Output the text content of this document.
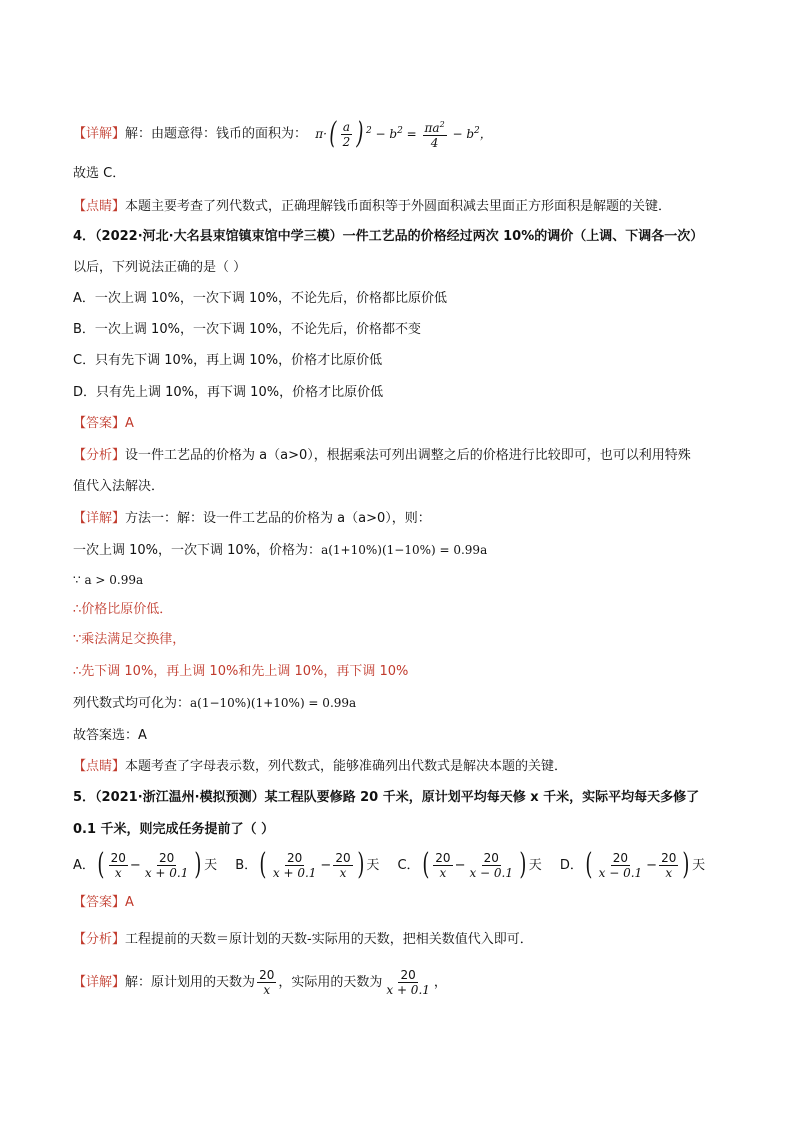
【详解】解：由题意得：钱币的面积为： $\pi\cdot( \frac{a}{2}$ ) $^2 - b^2 = \frac{\pi a^2}{4} - b^2$，
故选 C．
【点睛】本题主要考查了列代数式，正确理解钱币面积等于外圆面积减去里面正方形面积是解题的关键．
4．（2022·河北·大名县束馆镇束馆中学三模）一件工艺品的价格经过两次 10%的调价（上调、下调各一次）
以后，下列说法正确的是（ ）
A．一次上调 10%，一次下调 10%，不论先后，价格都比原价低
B．一次上调 10%，一次下调 10%，不论先后，价格都不变
C．只有先下调 10%，再上调 10%，价格才比原价低
D．只有先上调 10%，再下调 10%，价格才比原价低
【答案】A
【分析】设一件工艺品的价格为 a（a>0），根据乘法可列出调整之后的价格进行比较即可，也可以利用特殊
值代入法解决．
【详解】方法一：解：设一件工艺品的价格为 a（a>0），则：
一次上调 10%，一次下调 10%，价格为：a(1+10%)(1−10%) = 0.99a
∵ a > 0.99a
∴价格比原价低．
∵乘法满足交换律，
∴先下调 10%，再上调 10%和先上调 10%，再下调 10%
列代数式均可化为：a(1−10%)(1+10%) = 0.99a
故答案选：A
【点睛】本题考查了字母表示数，列代数式，能够准确列出代数式是解决本题的关键．
5．（2021·浙江温州·模拟预测）某工程队要修路 20 千米，原计划平均每天修 x 千米，实际平均每天多修了
0.1 千米，则完成任务提前了（ ）
A．( $\frac{20}{x} - \frac{20}{x + 0.1}$ ) 天 B．( $\frac{20}{x + 0.1} - \frac{20}{x}$ ) 天 C．( $\frac{20}{x} - \frac{20}{x - 0.1}$ ) 天 D．( $\frac{20}{x - 0.1} - \frac{20}{x}$ ) 天
【答案】A
【分析】工程提前的天数＝原计划的天数-实际用的天数，把相关数值代入即可．
【详解】解：原计划用的天数为 $\frac{20}{x}$ ，实际用的天数为 $\frac{20}{x + 0.1}$ ，
